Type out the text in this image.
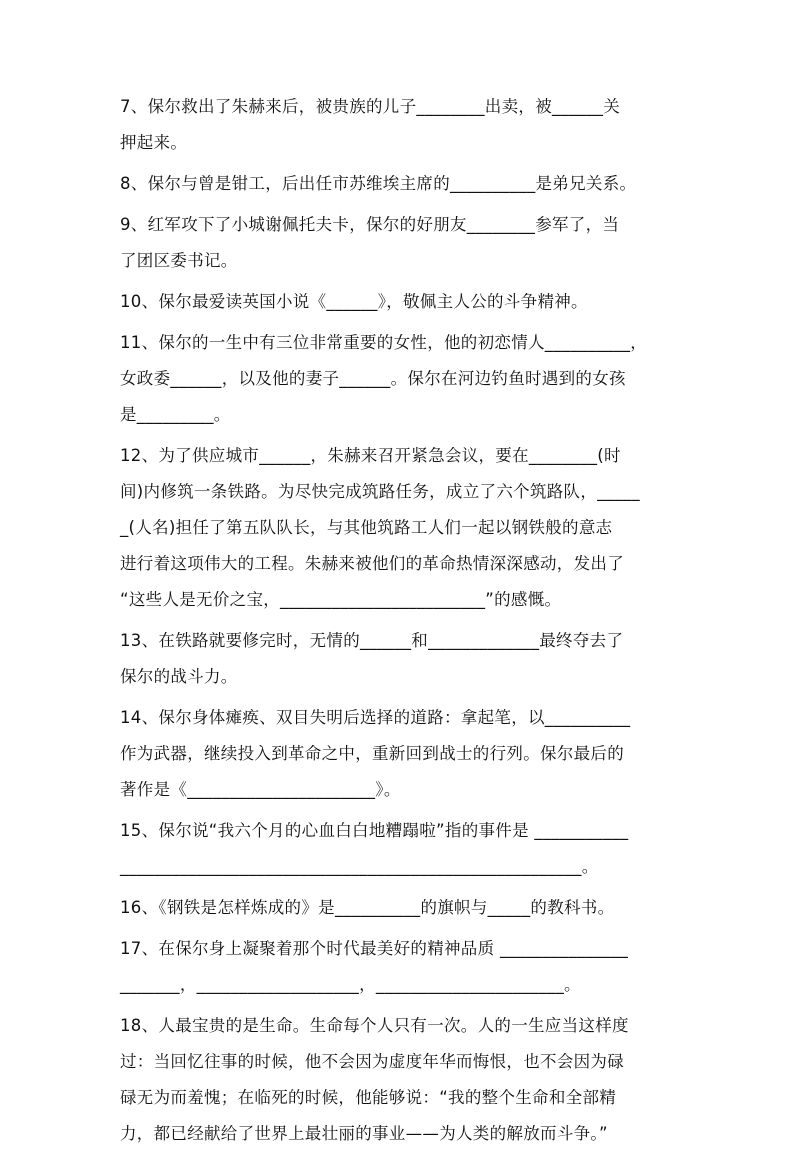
7、保尔救出了朱赫来后，被贵族的儿子________出卖，被______关
押起来。
8、保尔与曾是钳工，后出任市苏维埃主席的__________是弟兄关系。
9、红军攻下了小城谢佩托夫卡，保尔的好朋友________参军了，当
了团区委书记。
10、保尔最爱读英国小说《______》，敬佩主人公的斗争精神。
11、保尔的一生中有三位非常重要的女性，他的初恋情人__________，
女政委______，以及他的妻子______。保尔在河边钓鱼时遇到的女孩
是_________。
12、为了供应城市______，朱赫来召开紧急会议，要在________(时
间)内修筑一条铁路。为尽快完成筑路任务，成立了六个筑路队，_____
_(人名)担任了第五队队长，与其他筑路工人们一起以钢铁般的意志
进行着这项伟大的工程。朱赫来被他们的革命热情深深感动，发出了
“这些人是无价之宝，________________________”的感慨。
13、在铁路就要修完时，无情的______和_____________最终夺去了
保尔的战斗力。
14、保尔身体瘫痪、双目失明后选择的道路：拿起笔，以__________
作为武器，继续投入到革命之中，重新回到战士的行列。保尔最后的
著作是《______________________》。
15、保尔说“我六个月的心血白白地糟蹋啦”指的事件是 ___________
______________________________________________________。
16、《钢铁是怎样炼成的》是__________的旗帜与_____的教科书。
17、在保尔身上凝聚着那个时代最美好的精神品质 _______________
_______，___________________，______________________。
18、人最宝贵的是生命。生命每个人只有一次。人的一生应当这样度
过：当回忆往事的时候，他不会因为虚度年华而悔恨，也不会因为碌
碌无为而羞愧；在临死的时候，他能够说：“我的整个生命和全部精
力，都已经献给了世界上最壮丽的事业——为人类的解放而斗争。”
